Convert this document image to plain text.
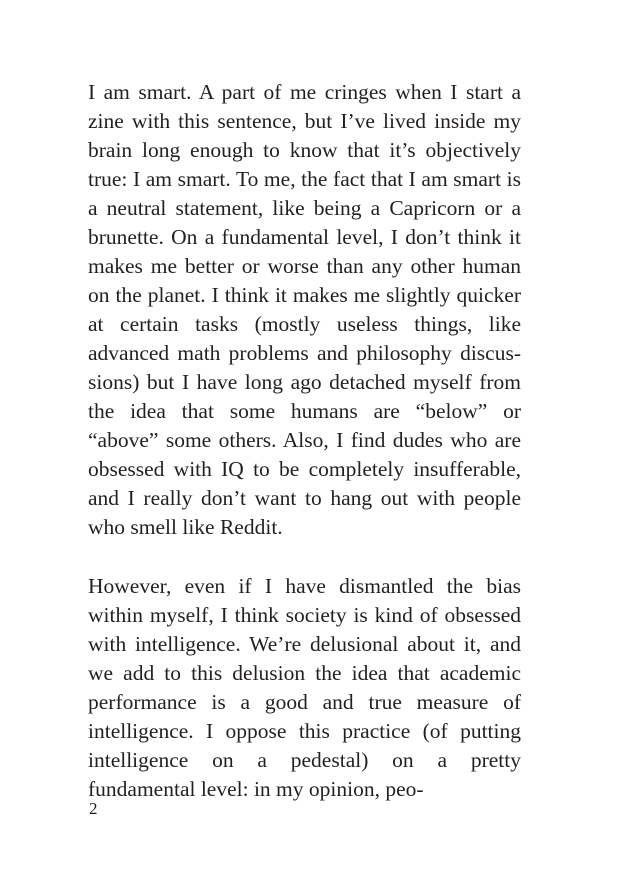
I am smart. A part of me cringes when I start a zine with this sentence, but I’ve lived inside my brain long enough to know that it’s objectively true: I am smart. To me, the fact that I am smart is a neutral statement, like being a Capricorn or a brunette. On a fundamental level, I don’t think it makes me better or worse than any other human on the planet. I think it makes me slightly quicker at certain tasks (mostly useless things, like advanced math problems and philosophy discussions) but I have long ago detached myself from the idea that some humans are “below” or “above” some others. Also, I find dudes who are obsessed with IQ to be completely insufferable, and I really don’t want to hang out with people who smell like Reddit.

However, even if I have dismantled the bias within myself, I think society is kind of obsessed with intelligence. We’re delusional about it, and we add to this delusion the idea that academic performance is a good and true measure of intelligence. I oppose this practice (of putting intelligence on a pedestal) on a pretty fundamental level: in my opinion, peo-

2
